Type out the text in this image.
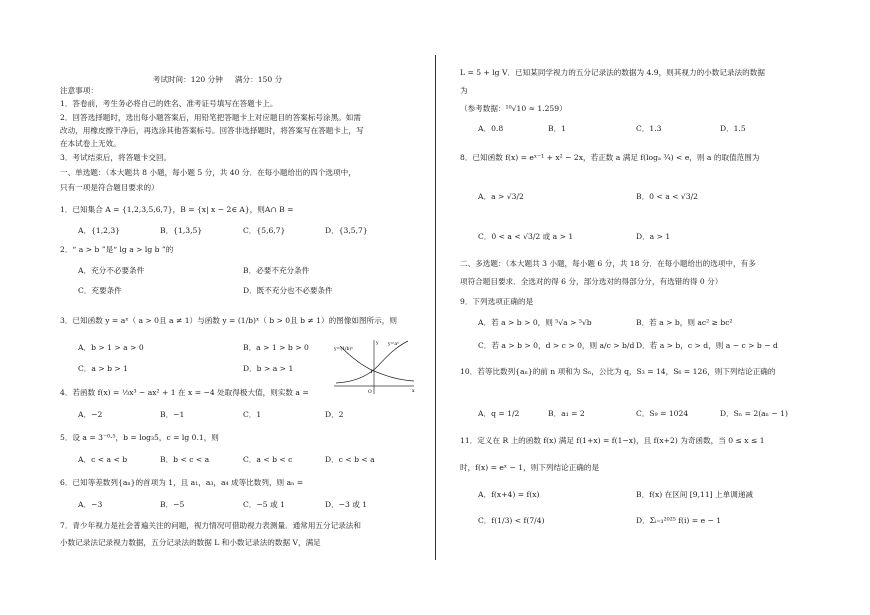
考试时间：120 分钟     满分：150 分
注意事项：
1．答卷前，考生务必将自己的姓名、准考证号填写在答题卡上。
2．回答选择题时，选出每小题答案后，用铅笔把答题卡上对应题目的答案标号涂黑。如需
改动，用橡皮擦干净后，再选涂其他答案标号。回答非选择题时，将答案写在答题卡上，写
在本试卷上无效。
3．考试结束后，将答题卡交回。
一、单选题：（本大题共 8 小题，每小题 5 分，共 40 分．在每小题给出的四个选项中，
只有一项是符合题目要求的）
1．已知集合 A = {1,2,3,5,6,7}，B = {x| x − 2∈ A}，则A∩ B =
A．{1,2,3}	B．{1,3,5}	C．{5,6,7}	D．{3,5,7}
2．“ a > b ”是“ lg a > lg b ”的
A．充分不必要条件	B．必要不充分条件
C．充要条件	D．既不充分也不必要条件
3．已知函数 y = aˣ（ a > 0且 a ≠ 1）与函数 y = (1/b)ˣ（ b > 0且 b ≠ 1）的图像如图所示，则
A．b > 1 > a > 0	B．a > 1 > b > 0
C．a > b > 1	D．b > a > 1
y=(1/b)ˣ
y=aˣ
y
x
O
1
4．若函数 f(x) = ⅓x³ − ax² + 1 在 x = −4 处取得极大值，则实数 a =
A．−2	B．−1	C．1	D．2
5．设 a = 3⁻⁰·⁵，b = log₃5，c = lg 0.1，则
A．c < a < b	B．b < c < a	C．a < b < c	D．c < b < a
6．已知等差数列{aₙ}的首项为 1，且 a₁，a₃，a₄ 成等比数列，则 aₙ =
A．−3	B．−5	C．−5 或 1	D．−3 或 1
7．青少年视力是社会普遍关注的问题，视力情况可借助视力表测量．通常用五分记录法和
小数记录法记录视力数据，五分记录法的数据 L 和小数记录法的数据 V，满足
L = 5 + lg V．已知某同学视力的五分记录法的数据为 4.9，则其视力的小数记录法的数据
为
（参考数据：¹⁰√10 ≈ 1.259）
A．0.8	B．1	C．1.3	D．1.5
8．已知函数 f(x) = eˣ⁻¹ + x² − 2x，若正数 a 满足 f(logₐ ¾) < e，则 a 的取值范围为
A．a > √3/2	B．0 < a < √3/2
C．0 < a < √3/2 或 a > 1	D．a > 1
二、多选题：（本大题共 3 小题，每小题 6 分，共 18 分．在每小题给出的选项中，有多
项符合题目要求．全选对的得 6 分，部分选对的得部分分，有选错的得 0 分）
9．下列选项正确的是
A．若 a > b > 0，则 ⁵√a > ⁵√b	B．若 a > b，则 ac² ≥ bc²
C．若 a > b > 0，d > c > 0，则 a/c > b/d D．若 a > b，c > d，则 a − c > b − d
10．若等比数列{aₙ}的前 n 项和为 Sₙ，公比为 q，S₃ = 14，S₆ = 126，则下列结论正确的
A．q = 1/2	B．a₁ = 2	C．S₉ = 1024	D．Sₙ = 2(aₙ − 1)
11．定义在 R 上的函数 f(x) 满足 f(1+x) = f(1−x)，且 f(x+2) 为奇函数，当 0 ≤ x ≤ 1
时，f(x) = eˣ − 1，则下列结论正确的是
A．f(x+4) = f(x)	B．f(x) 在区间 [9,11] 上单调递减
C．f(1/3) < f(7/4)	D．Σᵢ₌₁²⁰²⁵ f(i) = e − 1
